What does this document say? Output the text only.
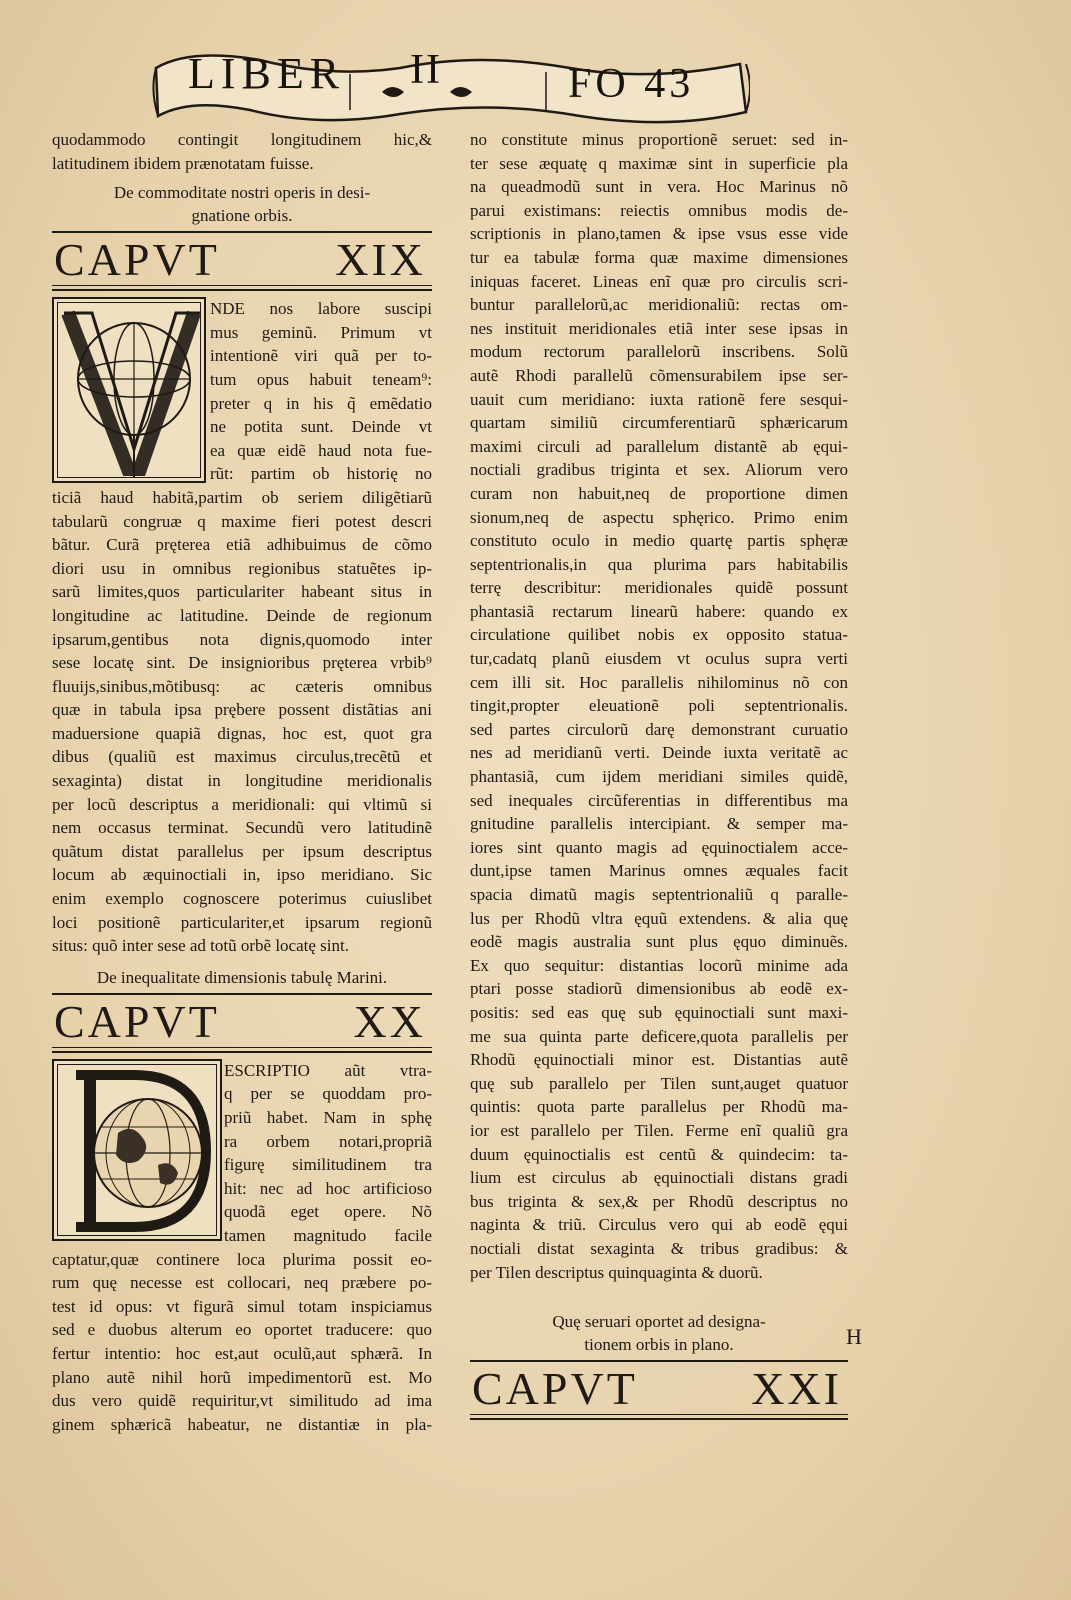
LIBER II	FO 43
quodammodo contingit longitudinem hic,&
latitudinem ibidem prænotatam fuisse.
De commoditate nostri operis in desi-
gnatione orbis.
CAPVT	XIX
NDE nos labore suscipi
mus geminũ. Primum vt
intentionẽ viri quã per to-
tum opus habuit teneam⁹:
preter q in his q̃ emẽdatio
ne potita sunt. Deinde vt
ea quæ eidẽ haud nota fue-
rũt: partim ob historię no
ticiã haud habitã,partim ob seriem diligẽtiarũ
tabularũ congruæ q maxime fieri potest descri
bãtur. Curã pręterea etiã adhibuimus de cõmo
diori usu in omnibus regionibus statuẽtes ip-
sarũ limites,quos particulariter habeant situs in
longitudine ac latitudine. Deinde de regionum
ipsarum,gentibus nota dignis,quomodo inter
sese locatę sint. De insignioribus pręterea vrbib⁹
fluuijs,sinibus,mõtibusq: ac cæteris omnibus
quæ in tabula ipsa prębere possent distãtias ani
maduersione quapiã dignas, hoc est, quot gra
dibus (qualiũ est maximus circulus,trecẽtũ et
sexaginta) distat in longitudine meridionalis
per locũ descriptus a meridionali: qui vltimũ si
nem occasus terminat. Secundũ vero latitudinẽ
quãtum distat parallelus per ipsum descriptus
locum ab æquinoctiali in, ipso meridiano. Sic
enim exemplo cognoscere poterimus cuiuslibet
loci positionẽ particulariter,et ipsarum regionũ
situs: quõ inter sese ad totũ orbẽ locatę sint.
De inequalitate dimensionis tabulę Marini.
CAPVT	XX
ESCRIPTIO aũt vtra-
q per se quoddam pro-
priũ habet. Nam in sphę
ra orbem notari,propriã
figurę similitudinem tra
hit: nec ad hoc artificioso
quodã eget opere. Nõ
tamen magnitudo facile
captatur,quæ continere loca plurima possit eo-
rum quę necesse est collocari, neq præbere po-
test id opus: vt figurã simul totam inspiciamus
sed e duobus alterum eo oportet traducere: quo
fertur intentio: hoc est,aut oculũ,aut sphærã. In
plano autẽ nihil horũ impedimentorũ est. Mo
dus vero quidẽ requiritur,vt similitudo ad ima
ginem sphæricã habeatur, ne distantiæ in pla-
no constitute minus proportionẽ seruet: sed in-
ter sese æquatę q maximæ sint in superficie pla
na queadmodũ sunt in vera. Hoc Marinus nõ
parui existimans: reiectis omnibus modis de-
scriptionis in plano,tamen & ipse vsus esse vide
tur ea tabulæ forma quæ maxime dimensiones
iniquas faceret. Lineas enĩ quæ pro circulis scri-
buntur parallelorũ,ac meridionaliũ: rectas om-
nes instituit meridionales etiã inter sese ipsas in
modum rectorum parallelorũ inscribens. Solũ
autẽ Rhodi parallelũ cõmensurabilem ipse ser-
uauit cum meridiano: iuxta rationẽ fere sesqui-
quartam similiũ circumferentiarũ sphæricarum
maximi circuli ad parallelum distantẽ ab ęqui-
noctiali gradibus triginta et sex. Aliorum vero
curam non habuit,neq de proportione dimen
sionum,neq de aspectu sphęrico. Primo enim
constituto oculo in medio quartę partis sphęræ
septentrionalis,in qua plurima pars habitabilis
terrę describitur: meridionales quidẽ possunt
phantasiã rectarum linearũ habere: quando ex
circulatione quilibet nobis ex opposito statua-
tur,cadatq planũ eiusdem vt oculus supra verti
cem illi sit. Hoc parallelis nihilominus nõ con
tingit,propter eleuationẽ poli septentrionalis.
sed partes circulorũ darę demonstrant curuatio
nes ad meridianũ verti. Deinde iuxta veritatẽ ac
phantasiã, cum ijdem meridiani similes quidẽ,
sed inequales circũferentias in differentibus ma
gnitudine parallelis intercipiant. & semper ma-
iores sint quanto magis ad ęquinoctialem acce-
dunt,ipse tamen Marinus omnes æquales facit
spacia dimatũ magis septentrionaliũ q paralle-
lus per Rhodũ vltra ęquũ extendens. & alia quę
eodẽ magis australia sunt plus ęquo diminuẽs.
Ex quo sequitur: distantias locorũ minime ada
ptari posse stadiorũ dimensionibus ab eodẽ ex-
positis: sed eas quę sub ęquinoctiali sunt maxi-
me sua quinta parte deficere,quota parallelis per
Rhodũ ęquinoctiali minor est. Distantias autẽ
quę sub parallelo per Tilen sunt,auget quatuor
quintis: quota parte parallelus per Rhodũ ma-
ior est parallelo per Tilen. Ferme enĩ qualiũ gra
duum ęquinoctialis est centũ & quindecim: ta-
lium est circulus ab ęquinoctiali distans gradi
bus triginta & sex,& per Rhodũ descriptus no
naginta & triũ. Circulus vero qui ab eodẽ ęqui
noctiali distat sexaginta & tribus gradibus: &
per Tilen descriptus quinquaginta & duorũ.
Quę seruari oportet ad designa-
tionem orbis in plano.
CAPVT XXI
H
